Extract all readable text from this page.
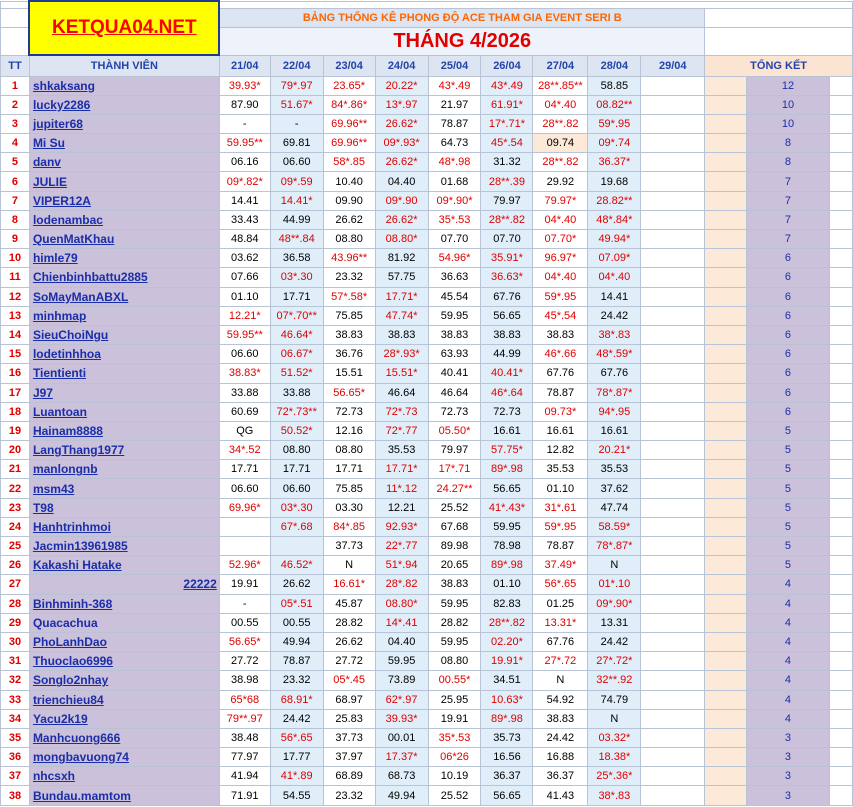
	KETQUA04.NET												
		BẢNG THỐNG KÊ PHONG ĐỘ ACE THAM GIA EVENT SERI B											
		THÁNG 4/2026											
TT	THÀNH VIÊN	21/04	22/04	23/04	24/04	25/04	26/04	27/04	28/04	29/04	TỔNG KẾT		
1	shkaksang	39.93*	79*.97	23.65*	20.22*	43*.49	43*.49	28**.85**	58.85			12	
2	lucky2286	87.90	51.67*	84*.86*	13*.97	21.97	61.91*	04*.40	08.82**			10	
3	jupiter68	-	-	69.96**	26.62*	78.87	17*.71*	28**.82	59*.95			10	
4	Mi Su	59.95**	69.81	69.96**	09*.93*	64.73	45*.54	09.74	09*.74			8	
5	danv	06.16	06.60	58*.85	26.62*	48*.98	31.32	28**.82	36.37*			8	
6	JULIE	09*.82*	09*.59	10.40	04.40	01.68	28**.39	29.92	19.68			7	
7	VIPER12A	14.41	14.41*	09.90	09*.90	09*.90*	79.97	79.97*	28.82**			7	
8	lodenambac	33.43	44.99	26.62	26.62*	35*.53	28**.82	04*.40	48*.84*			7	
9	QuenMatKhau	48.84	48**.84	08.80	08.80*	07.70	07.70	07.70*	49.94*			7	
10	himle79	03.62	36.58	43.96**	81.92	54.96*	35.91*	96.97*	07.09*			6	
11	Chienbinhbattu2885	07.66	03*.30	23.32	57.75	36.63	36.63*	04*.40	04*.40			6	
12	SoMayManABXL	01.10	17.71	57*.58*	17.71*	45.54	67.76	59*.95	14.41			6	
13	minhmap	12.21*	07*.70**	75.85	47.74*	59.95	56.65	45*.54	24.42			6	
14	SieuChoiNgu	59.95**	46.64*	38.83	38.83	38.83	38.83	38.83	38*.83			6	
15	lodetinhhoa	06.60	06.67*	36.76	28*.93*	63.93	44.99	46*.66	48*.59*			6	
16	Tientienti	38.83*	51.52*	15.51	15.51*	40.41	40.41*	67.76	67.76			6	
17	J97	33.88	33.88	56.65*	46.64	46.64	46*.64	78.87	78*.87*			6	
18	Luantoan	60.69	72*.73**	72.73	72*.73	72.73	72.73	09.73*	94*.95			6	
19	Hainam8888	QG	50.52*	12.16	72*.77	05.50*	16.61	16.61	16.61			5	
20	LangThang1977	34*.52	08.80	08.80	35.53	79.97	57.75*	12.82	20.21*			5	
21	manlongnb	17.71	17.71	17.71	17.71*	17*.71	89*.98	35.53	35.53			5	
22	msm43	06.60	06.60	75.85	11*.12	24.27**	56.65	01.10	37.62			5	
23	T98	69.96*	03*.30	03.30	12.21	25.52	41*.43*	31*.61	47.74			5	
24	Hanhtrinhmoi		67*.68	84*.85	92.93*	67.68	59.95	59*.95	58.59*			5	
25	Jacmin13961985			37.73	22*.77	89.98	78.98	78.87	78*.87*			5	
26	Kakashi Hatake	52.96*	46.52*	N	51*.94	20.65	89*.98	37.49*	N			5	
27	22222	19.91	26.62	16.61*	28*.82	38.83	01.10	56*.65	01*.10			4	
28	Binhminh-368	-	05*.51	45.87	08.80*	59.95	82.83	01.25	09*.90*			4	
29	Quacachua	00.55	00.55	28.82	14*.41	28.82	28**.82	13.31*	13.31			4	
30	PhoLanhDao	56.65*	49.94	26.62	04.40	59.95	02.20*	67.76	24.42			4	
31	Thuoclao6996	27.72	78.87	27.72	59.95	08.80	19.91*	27*.72	27*.72*			4	
32	Songlo2nhay	38.98	23.32	05*.45	73.89	00.55*	34.51	N	32**.92			4	
33	trienchieu84	65*68	68.91*	68.97	62*.97	25.95	10.63*	54.92	74.79			4	
34	Yacu2k19	79**.97	24.42	25.83	39.93*	19.91	89*.98	38.83	N			4	
35	Manhcuong666	38.48	56*.65	37.73	00.01	35*.53	35.73	24.42	03.32*			3	
36	mongbavuong74	77.97	17.77	37.97	17.37*	06*26	16.56	16.88	18.38*			3	
37	nhcsxh	41.94	41*.89	68.89	68.73	10.19	36.37	36.37	25*.36*			3	
38	Bundau.mamtom	71.91	54.55	23.32	49.94	25.52	56.65	41.43	38*.83			3	
